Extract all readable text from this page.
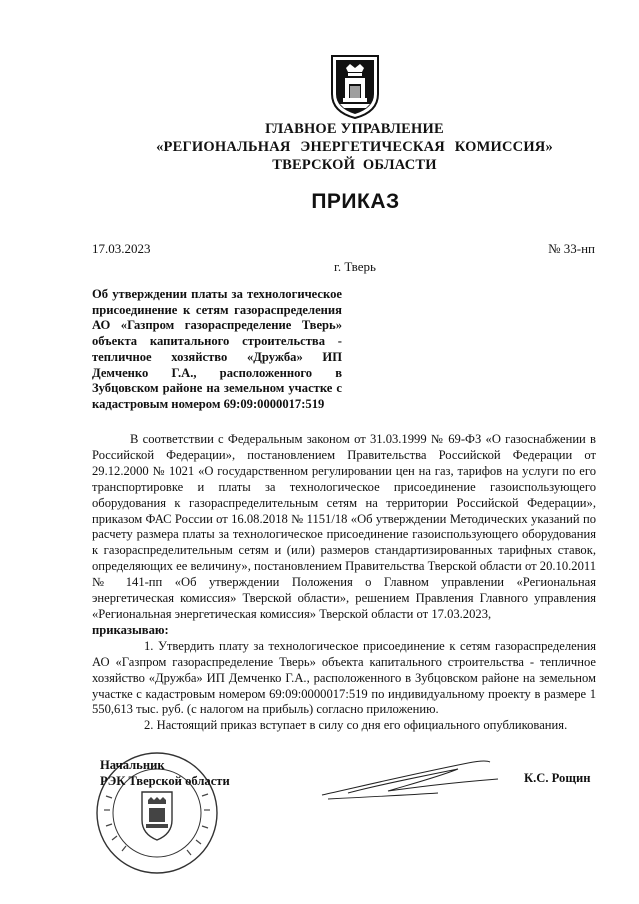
ГЛАВНОЕ УПРАВЛЕНИЕ
«РЕГИОНАЛЬНАЯ ЭНЕРГЕТИЧЕСКАЯ КОМИССИЯ»
ТВЕРСКОЙ ОБЛАСТИ
ПРИКАЗ
17.03.2023	№ 33-нп
г. Тверь
Об утверждении платы за технологическое присоединение к сетям газораспределения АО «Газпром газораспределение Тверь» объекта капитального строительства - тепличное хозяйство «Дружба» ИП Демченко Г.А., расположенного в Зубцовском районе на земельном участке с кадастровым номером 69:09:0000017:519

В соответствии с Федеральным законом от 31.03.1999 № 69-ФЗ «О газоснабжении в Российской Федерации», постановлением Правительства Российской Федерации от 29.12.2000 № 1021 «О государственном регулировании цен на газ, тарифов на услуги по его транспортировке и платы за технологическое присоединение газоиспользующего оборудования к газораспределительным сетям на территории Российской Федерации», приказом ФАС России от 16.08.2018 № 1151/18 «Об утверждении Методических указаний по расчету размера платы за технологическое присоединение газоиспользующего оборудования к газораспределительным сетям и (или) размеров стандартизированных тарифных ставок, определяющих ее величину», постановлением Правительства Тверской области от 20.10.2011 № 141-пп «Об утверждении Положения о Главном управлении «Региональная энергетическая комиссия» Тверской области», решением Правления Главного управления «Региональная энергетическая комиссия» Тверской области от 17.03.2023,

приказываю:

1. Утвердить плату за технологическое присоединение к сетям газораспределения АО «Газпром газораспределение Тверь» объекта капитального строительства - тепличное хозяйство «Дружба» ИП Демченко Г.А., расположенного в Зубцовском районе на земельном участке с кадастровым номером 69:09:0000017:519 по индивидуальному проекту в размере 1 550,613 тыс. руб. (с налогом на прибыль) согласно приложению.

2. Настоящий приказ вступает в силу со дня его официального опубликования.

Начальник
РЭК Тверской области	К.С. Рощин
